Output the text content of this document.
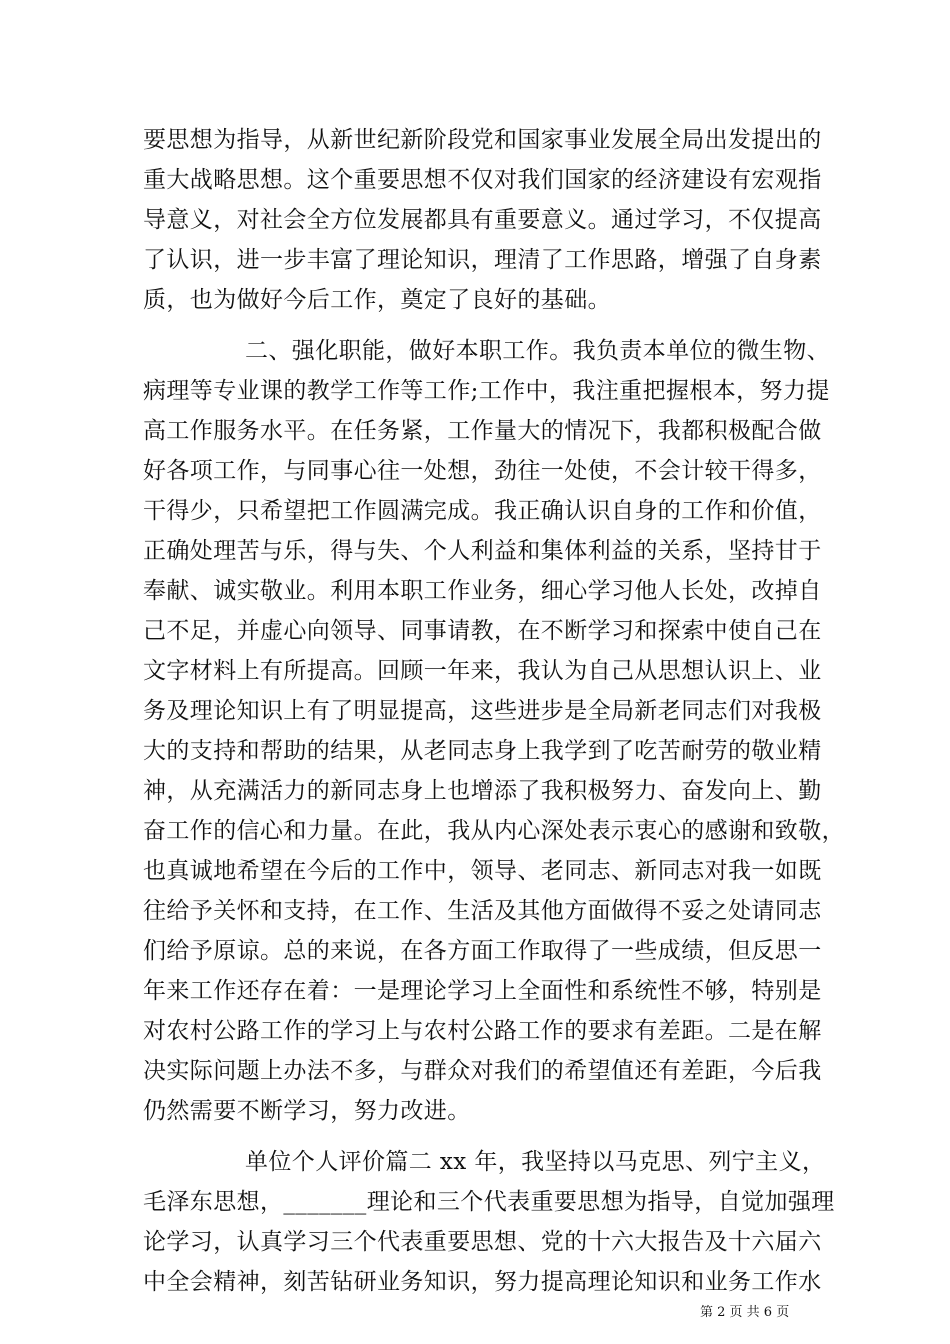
要思想为指导，从新世纪新阶段党和国家事业发展全局出发提出的
重大战略思想。这个重要思想不仅对我们国家的经济建设有宏观指
导意义，对社会全方位发展都具有重要意义。通过学习，不仅提高
了认识，进一步丰富了理论知识，理清了工作思路，增强了自身素
质，也为做好今后工作，奠定了良好的基础。
二、强化职能，做好本职工作。我负责本单位的微生物、
病理等专业课的教学工作等工作;工作中，我注重把握根本，努力提
高工作服务水平。在任务紧，工作量大的情况下，我都积极配合做
好各项工作，与同事心往一处想，劲往一处使，不会计较干得多，
干得少，只希望把工作圆满完成。我正确认识自身的工作和价值，
正确处理苦与乐，得与失、个人利益和集体利益的关系，坚持甘于
奉献、诚实敬业。利用本职工作业务，细心学习他人长处，改掉自
己不足，并虚心向领导、同事请教，在不断学习和探索中使自己在
文字材料上有所提高。回顾一年来，我认为自己从思想认识上、业
务及理论知识上有了明显提高，这些进步是全局新老同志们对我极
大的支持和帮助的结果，从老同志身上我学到了吃苦耐劳的敬业精
神，从充满活力的新同志身上也增添了我积极努力、奋发向上、勤
奋工作的信心和力量。在此，我从内心深处表示衷心的感谢和致敬，
也真诚地希望在今后的工作中，领导、老同志、新同志对我一如既
往给予关怀和支持，在工作、生活及其他方面做得不妥之处请同志
们给予原谅。总的来说，在各方面工作取得了一些成绩，但反思一
年来工作还存在着：一是理论学习上全面性和系统性不够，特别是
对农村公路工作的学习上与农村公路工作的要求有差距。二是在解
决实际问题上办法不多，与群众对我们的希望值还有差距，今后我
仍然需要不断学习，努力改进。
单位个人评价篇二 xx 年，我坚持以马克思、列宁主义，
毛泽东思想，_______理论和三个代表重要思想为指导，自觉加强理
论学习，认真学习三个代表重要思想、党的十六大报告及十六届六
中全会精神，刻苦钻研业务知识，努力提高理论知识和业务工作水
第 2 页 共 6 页
